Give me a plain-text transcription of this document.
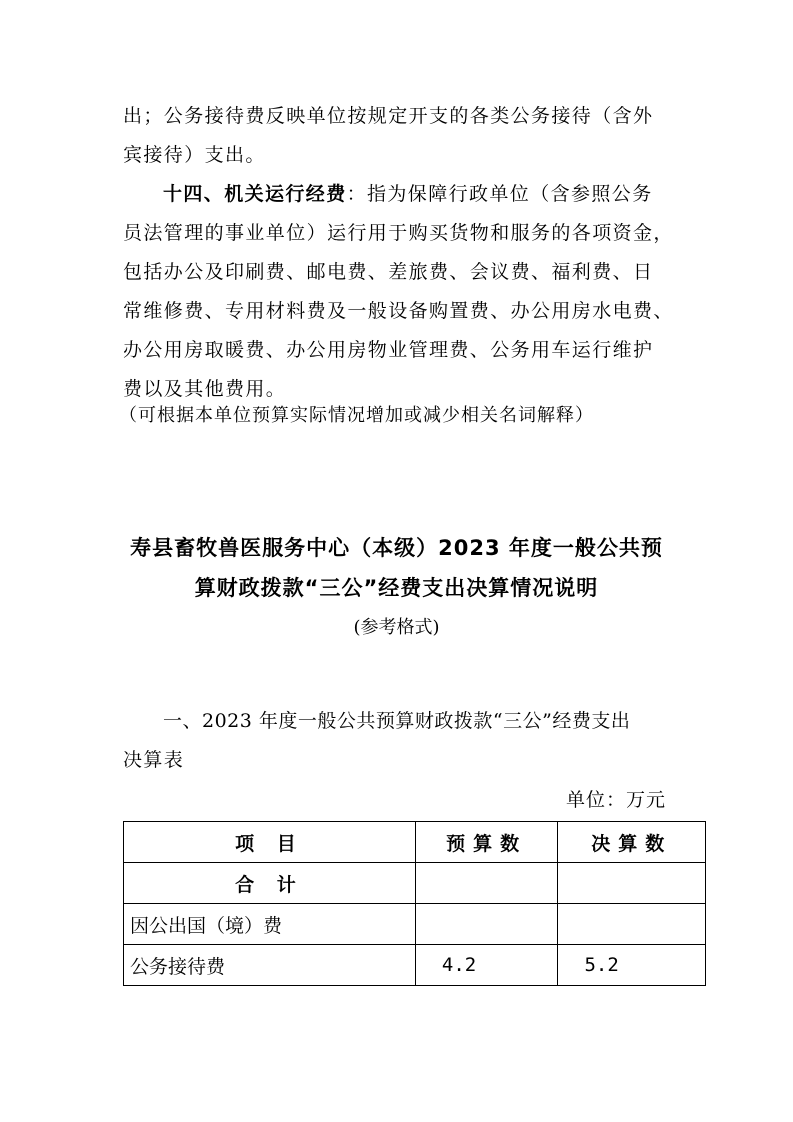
出；公务接待费反映单位按规定开支的各类公务接待（含外
宾接待）支出。
十四、机关运行经费：指为保障行政单位（含参照公务
员法管理的事业单位）运行用于购买货物和服务的各项资金，
包括办公及印刷费、邮电费、差旅费、会议费、福利费、日
常维修费、专用材料费及一般设备购置费、办公用房水电费、
办公用房取暖费、办公用房物业管理费、公务用车运行维护
费以及其他费用。
（可根据本单位预算实际情况增加或减少相关名词解释）
寿县畜牧兽医服务中心（本级）2023 年度一般公共预
算财政拨款“三公”经费支出决算情况说明
(参考格式)
一、2023 年度一般公共预算财政拨款“三公”经费支出
决算表
单位：万元
项 目	预算数	决算数
合 计		
因公出国（境）费		
公务接待费	4.2	5.2
